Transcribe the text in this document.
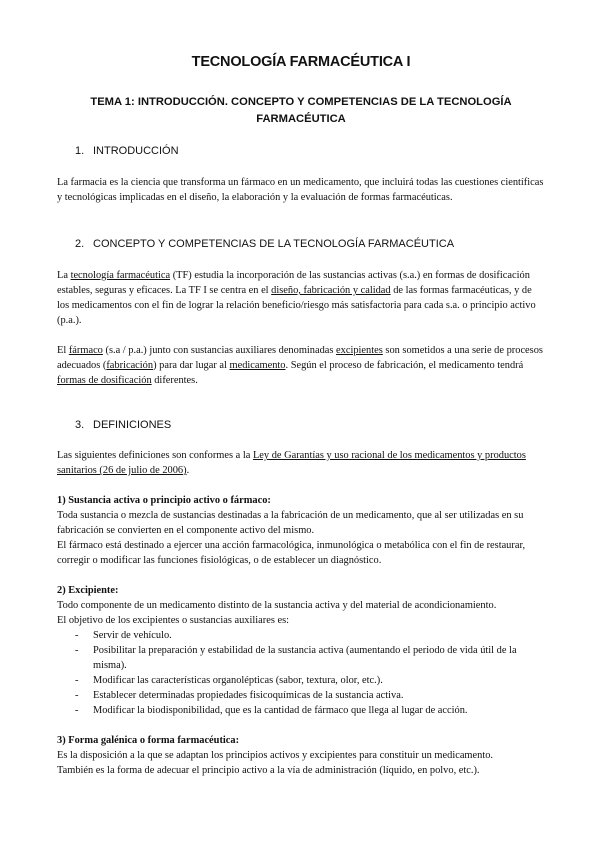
TECNOLOGÍA FARMACÉUTICA I
TEMA 1: INTRODUCCIÓN. CONCEPTO Y COMPETENCIAS DE LA TECNOLOGÍA FARMACÉUTICA
1. INTRODUCCIÓN

La farmacia es la ciencia que transforma un fármaco en un medicamento, que incluirá todas las cuestiones científicas y tecnológicas implicadas en el diseño, la elaboración y la evaluación de formas farmacéuticas.

2. CONCEPTO Y COMPETENCIAS DE LA TECNOLOGÍA FARMACÉUTICA

La tecnología farmacéutica (TF) estudia la incorporación de las sustancias activas (s.a.) en formas de dosificación estables, seguras y eficaces. La TF I se centra en el diseño, fabricación y calidad de las formas farmacéuticas, y de los medicamentos con el fin de lograr la relación beneficio/riesgo más satisfactoria para cada s.a. o principio activo (p.a.).

El fármaco (s.a / p.a.) junto con sustancias auxiliares denominadas excipientes son sometidos a una serie de procesos adecuados (fabricación) para dar lugar al medicamento. Según el proceso de fabricación, el medicamento tendrá formas de dosificación diferentes.

3. DEFINICIONES

Las siguientes definiciones son conformes a la Ley de Garantías y uso racional de los medicamentos y productos sanitarios (26 de julio de 2006).

1) Sustancia activa o principio activo o fármaco:

Toda sustancia o mezcla de sustancias destinadas a la fabricación de un medicamento, que al ser utilizadas en su fabricación se convierten en el componente activo del mismo.

El fármaco está destinado a ejercer una acción farmacológica, inmunológica o metabólica con el fin de restaurar, corregir o modificar las funciones fisiológicas, o de establecer un diagnóstico.

2) Excipiente:

Todo componente de un medicamento distinto de la sustancia activa y del material de acondicionamiento.

El objetivo de los excipientes o sustancias auxiliares es:

- Servir de vehículo.
- Posibilitar la preparación y estabilidad de la sustancia activa (aumentando el periodo de vida útil de la misma).
- Modificar las características organolépticas (sabor, textura, olor, etc.).
- Establecer determinadas propiedades fisicoquímicas de la sustancia activa.
- Modificar la biodisponibilidad, que es la cantidad de fármaco que llega al lugar de acción.

3) Forma galénica o forma farmacéutica:

Es la disposición a la que se adaptan los principios activos y excipientes para constituir un medicamento.

También es la forma de adecuar el principio activo a la vía de administración (líquido, en polvo, etc.).
